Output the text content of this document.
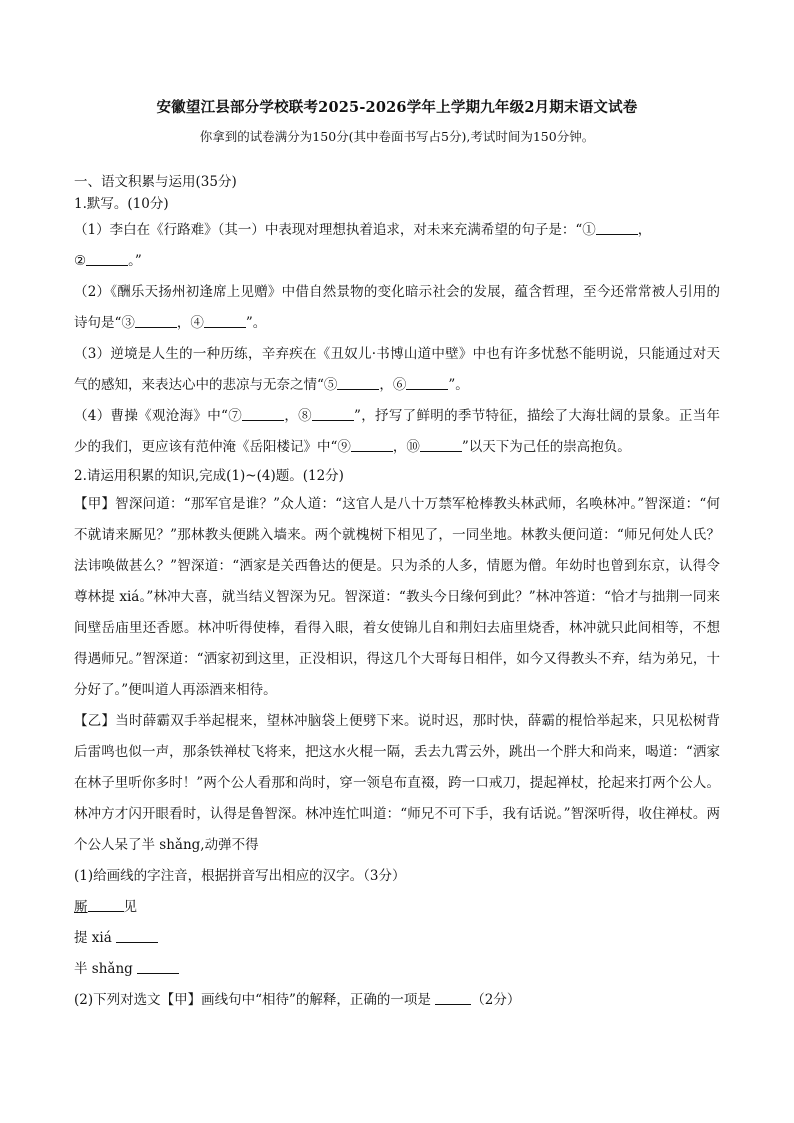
安徽望江县部分学校联考2025-2026学年上学期九年级2月期末语文试卷
你拿到的试卷满分为150分(其中卷面书写占5分),考试时间为150分钟。
一、语文积累与运用(35分)
1.默写。(10分)

（1）李白在《行路难》（其一）中表现对理想执着追求，对未来充满希望的句子是：“①	，
②	。”

（2）《酬乐天扬州初逢席上见赠》中借自然景物的变化暗示社会的发展，蕴含哲理，至今还常常被人引用的诗句是“③	，④	”。

（3）逆境是人生的一种历练，辛弃疾在《丑奴儿·书博山道中壁》中也有许多忧愁不能明说，只能通过对天气的感知，来表达心中的悲凉与无奈之情“⑤	，⑥	”。

（4）曹操《观沧海》中“⑦	，⑧	”，抒写了鲜明的季节特征，描绘了大海壮阔的景象。正当年少的我们，更应该有范仲淹《岳阳楼记》中“⑨	，⑩	”以天下为己任的崇高抱负。

2.请运用积累的知识,完成(1)~(4)题。(12分)

【甲】智深问道：“那军官是谁？”众人道：“这官人是八十万禁军枪棒教头林武师，名唤林冲。”智深道：“何不就请来厮见？”那林教头便跳入墙来。两个就槐树下相见了，一同坐地。林教头便问道：“师兄何处人氏？法讳唤做甚么？”智深道：“洒家是关西鲁达的便是。只为杀的人多，情愿为僧。年幼时也曾到东京，认得令尊林提 xiá。”林冲大喜，就当结义智深为兄。智深道：“教头今日缘何到此？”林冲答道：“恰才与拙荆一同来间壁岳庙里还香愿。林冲听得使棒，看得入眼，着女使锦儿自和荆妇去庙里烧香，林冲就只此间相等，不想得遇师兄。”智深道：“洒家初到这里，正没相识，得这几个大哥每日相伴，如今又得教头不弃，结为弟兄，十分好了。”便叫道人再添酒来相待。

【乙】当时薛霸双手举起棍来，望林冲脑袋上便劈下来。说时迟，那时快，薛霸的棍恰举起来，只见松树背后雷鸣也似一声，那条铁禅杖飞将来，把这水火棍一隔，丢去九霄云外，跳出一个胖大和尚来，喝道：“洒家在林子里听你多时！”两个公人看那和尚时，穿一领皂布直裰，跨一口戒刀，提起禅杖，抡起来打两个公人。林冲方才闪开眼看时，认得是鲁智深。林冲连忙叫道：“师兄不可下手，我有话说。”智深听得，收住禅杖。两个公人呆了半 shǎng,动弹不得

(1)给画线的字注音，根据拼音写出相应的汉字。（3分）

厮	见

提 xiá

半 shǎng

(2)下列对选文【甲】画线句中“相待”的解释，正确的一项是	（2分）
